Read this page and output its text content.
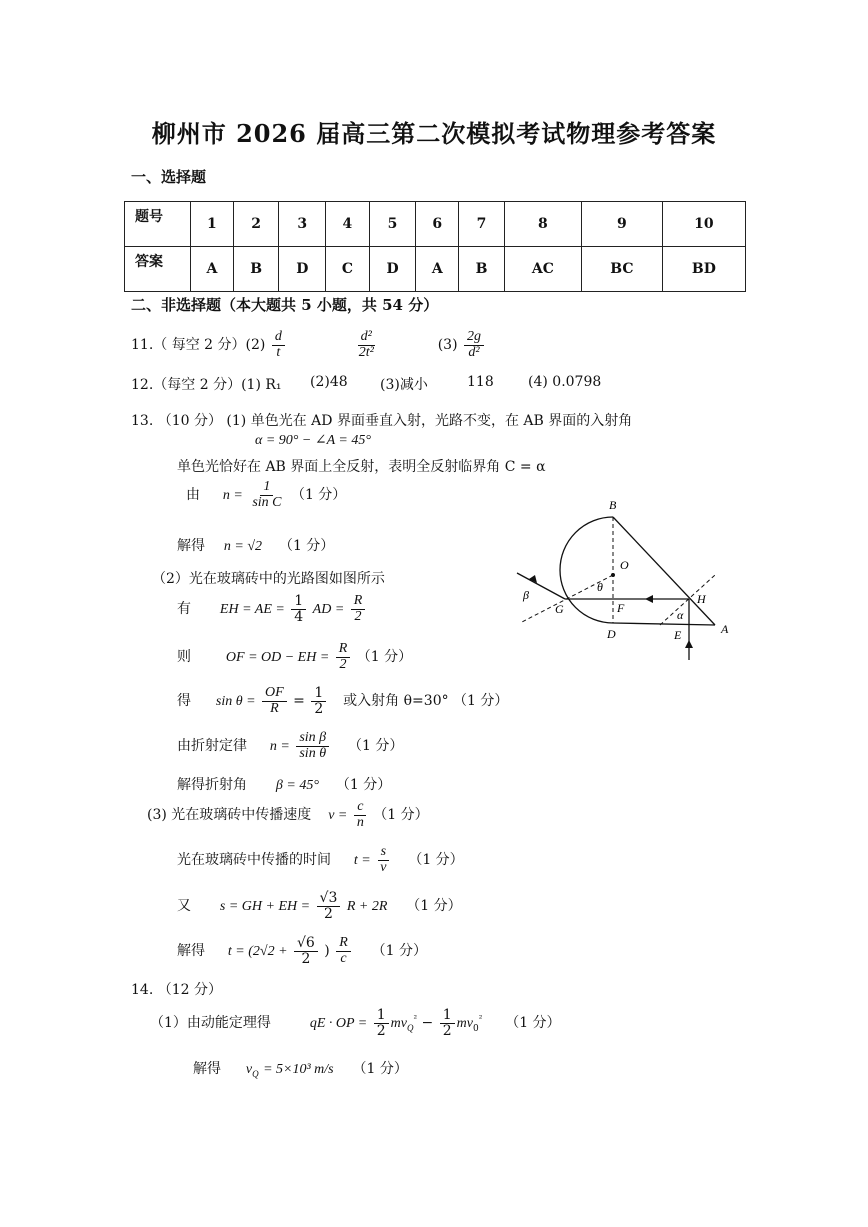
柳州市 2026 届高三第二次模拟考试物理参考答案
一、选择题
题号	1	2	3	4	5	6	7	8	9	10
答案	A	B	D	C	D	A	B	AC	BC	BD
二、非选择题（本大题共 5 小题，共 54 分）
11.（ 每空 2 分）$(2) \frac{d}{t}$
	$\frac{\text{d²}}{\text{2t²}}$	$(3) \frac{2g}{\text{d²}}$
12.（每空 2 分）(1) R₁ (2)48 (3)减小	118 (4) 0.0798
13. （10 分） (1) 单色光在 AD 界面垂直入射，光路不变，在 AB 界面的入射角
α = 90° − ∠A = 45°
单色光恰好在 AB 界面上全反射，表明全反射临界角 C = α
由 $n = \frac{1}{\text{sin C}} (1$ 分）
解得 n = √2 （1 分）
（2）光在玻璃砖中的光路图如图所示
有 EH = AE = $\frac{1}{4}$ AD = $\frac{R}{2}$
则 OF = OD − EH = $\frac{R}{2} (1$ 分）
得 $\sin \theta = \frac{OF}{R} = \frac{1}{2}$ 或入射角 θ=30° （1 分）
由折射定律 $n = \frac{\text{sin β}}{\text{sin θ}} (1$ 分）
解得折射角 β = 45° （1 分）
(3) 光在玻璃砖中传播速度 $v = \frac{c}{n} (1$ 分）
光在玻璃砖中传播的时间 $t = \frac{s}{v} (1$ 分）
又 s = GH + EH = $\frac{√3}{2}$ R + 2R （1 分）
解得 $t = (2√2 + \frac{√6}{2}$ ) $\frac{R}{c} (1$ 分）
14. （12 分）
（1）由动能定理得	qE · OP = $\frac{1}{2} mv_Q^{^2} - \frac{1}{2} mv_0^{^2}$ （1 分）
解得 $v_Q = 5\times 10^3$ m/s （1 分）
B
O
θ
β
G	F
H
α
D	E	A
